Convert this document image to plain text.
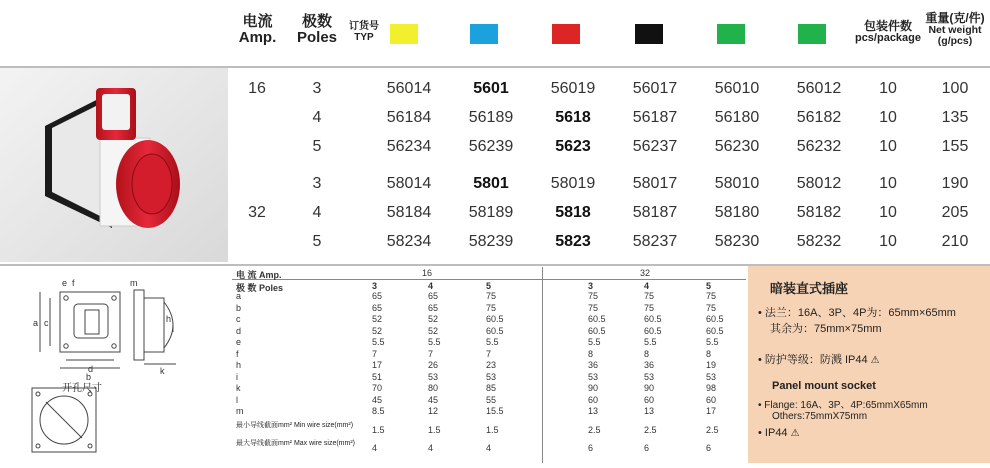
电流
Amp.
极数
Poles
订货号
TYP
包装件数
pcs/package
重量(克/件)
Net weight
(g/pcs)
16	3	56014	5601	56019	56017	56010	56012	10	100
4	56184	56189	5618	56187	56180	56182	10	135
5	56234	56239	5623	56237	56230	56232	10	155
3	58014	5801	58019	58017	58010	58012	10	190
32	4	58184	58189	5818	58187	58180	58182	10	205
5	58234	58239	5823	58237	58230	58232	10	210
a c
d
b
e f	m
k
h
l
开孔尺寸
电 流 Amp.	16	32
极 数 Poles	3	4	5	3	4	5
a	65	65	75	75	75	75
b	65	65	75	75	75	75
c	52	52	60.5	60.5	60.5	60.5
d	52	52	60.5	60.5	60.5	60.5
e	5.5	5.5	5.5	5.5	5.5	5.5
f	7	7	7	8	8	8
h	17	26	23	36	36	19
i	51	53	53	53	53	53
k	70	80	85	90	90	98
l	45	45	55	60	60	60
m	8.5	12	15.5	13	13	17
最小导线截面mm² Min wire size(mm²)	1.5	1.5	1.5	2.5	2.5	2.5
最大导线截面mm² Max wire size(mm²)	4	4	4	6	6	6
暗装直式插座
• 法兰：16A、3P、4P为：65mm×65mm
其余为：75mm×75mm
• 防护等级：防溅 IP44 ⚠
Panel mount socket
• Flange: 16A、3P、4P:65mmX65mm
Others:75mmX75mm
• IP44 ⚠
